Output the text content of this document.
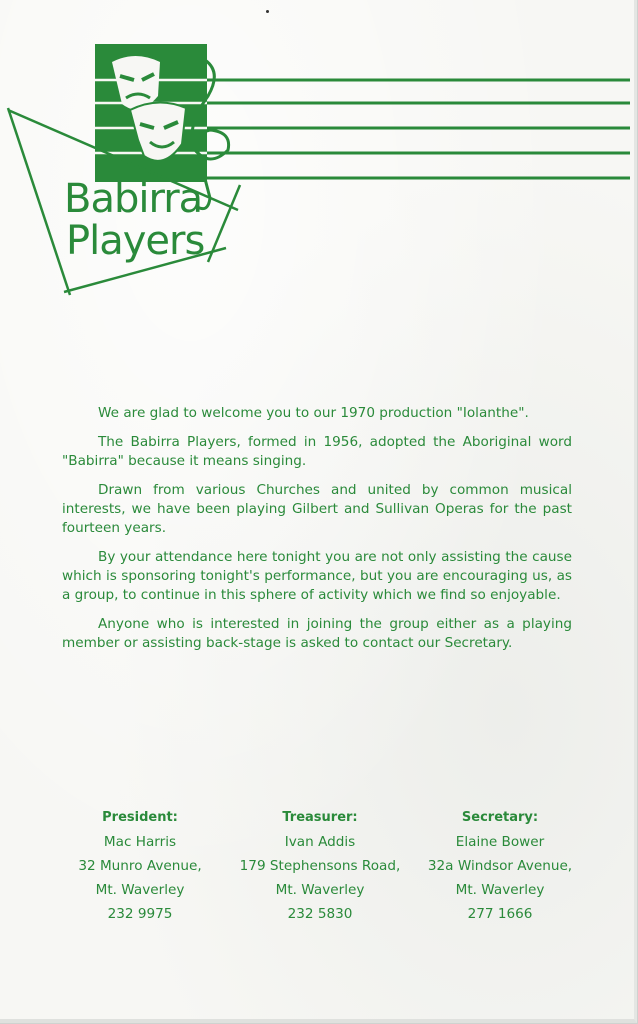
Babirra
Players

We are glad to welcome you to our 1970 production "Iolanthe".

The Babirra Players, formed in 1956, adopted the Aboriginal word "Babirra" because it means singing.

Drawn from various Churches and united by common musical interests, we have been playing Gilbert and Sullivan Operas for the past fourteen years.

By your attendance here tonight you are not only assisting the cause which is sponsoring tonight's performance, but you are encouraging us, as a group, to continue in this sphere of activity which we find so enjoyable.

Anyone who is interested in joining the group either as a playing member or assisting back-stage is asked to contact our Secretary.

President:
Mac Harris
32 Munro Avenue,
Mt. Waverley
232 9975
Treasurer:
Ivan Addis
179 Stephensons Road,
Mt. Waverley
232 5830
Secretary:
Elaine Bower
32a Windsor Avenue,
Mt. Waverley
277 1666
